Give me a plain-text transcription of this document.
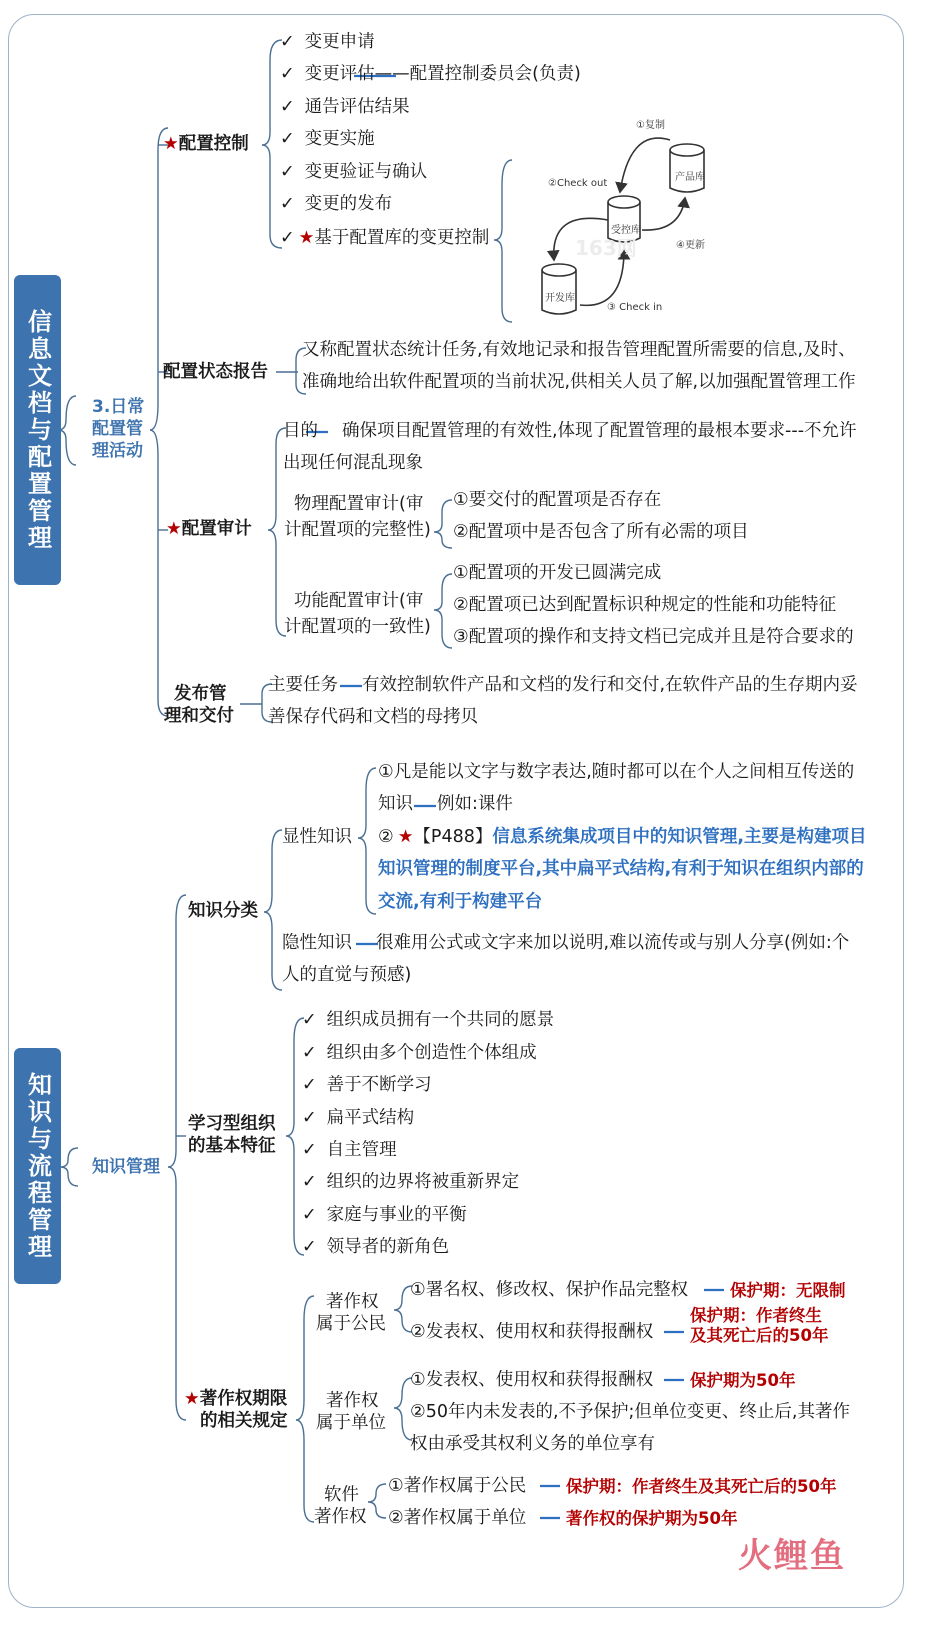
信息文档与配置管理	3.日常配置管理活动
知识与流程管理	知识管理
★配置控制
✓ 变更申请
✓ 变更评估——配置控制委员会(负责)
✓ 通告评估结果
✓ 变更实施
✓ 变更验证与确认
✓ 变更的发布
✓ ★基于配置库的变更控制
①复制
②Check out
产品库
受控库
④更新
开发库
③ Check in
163网
配置状态报告
又称配置状态统计任务,有效地记录和报告管理配置所需要的信息,及时、
准确地给出软件配置项的当前状况,供相关人员了解,以加强配置管理工作
★配置审计
目的 确保项目配置管理的有效性,体现了配置管理的最根本要求---不允许
出现任何混乱现象
物理配置审计(审
计配置项的完整性)
①要交付的配置项是否存在
②配置项中是否包含了所有必需的项目
功能配置审计(审
计配置项的一致性)
①配置项的开发已圆满完成
②配置项已达到配置标识种规定的性能和功能特征
③配置项的操作和支持文档已完成并且是符合要求的
发布管
理和交付
主要任务 有效控制软件产品和文档的发行和交付,在软件产品的生存期内妥
善保存代码和文档的母拷贝
知识分类
显性知识
①凡是能以文字与数字表达,随时都可以在个人之间相互传送的
知识 例如:课件
② ★【P488】信息系统集成项目中的知识管理,主要是构建项目
知识管理的制度平台,其中扁平式结构,有利于知识在组织内部的
交流,有利于构建平台
隐性知识 很难用公式或文字来加以说明,难以流传或与别人分享(例如:个
人的直觉与预感)
学习型组织
的基本特征
✓ 组织成员拥有一个共同的愿景
✓ 组织由多个创造性个体组成
✓ 善于不断学习
✓ 扁平式结构
✓ 自主管理
✓ 组织的边界将被重新界定
✓ 家庭与事业的平衡
✓ 领导者的新角色
★著作权期限
的相关规定
著作权
属于公民
①署名权、修改权、保护作品完整权	保护期：无限制
②发表权、使用权和获得报酬权
保护期：作者终生
及其死亡后的50年
著作权
属于单位
①发表权、使用权和获得报酬权 保护期为50年
②50年内未发表的,不予保护;但单位变更、终止后,其著作
权由承受其权利义务的单位享有
软件
著作权
①著作权属于公民 保护期：作者终生及其死亡后的50年
②著作权属于单位 著作权的保护期为50年
火鲤鱼
